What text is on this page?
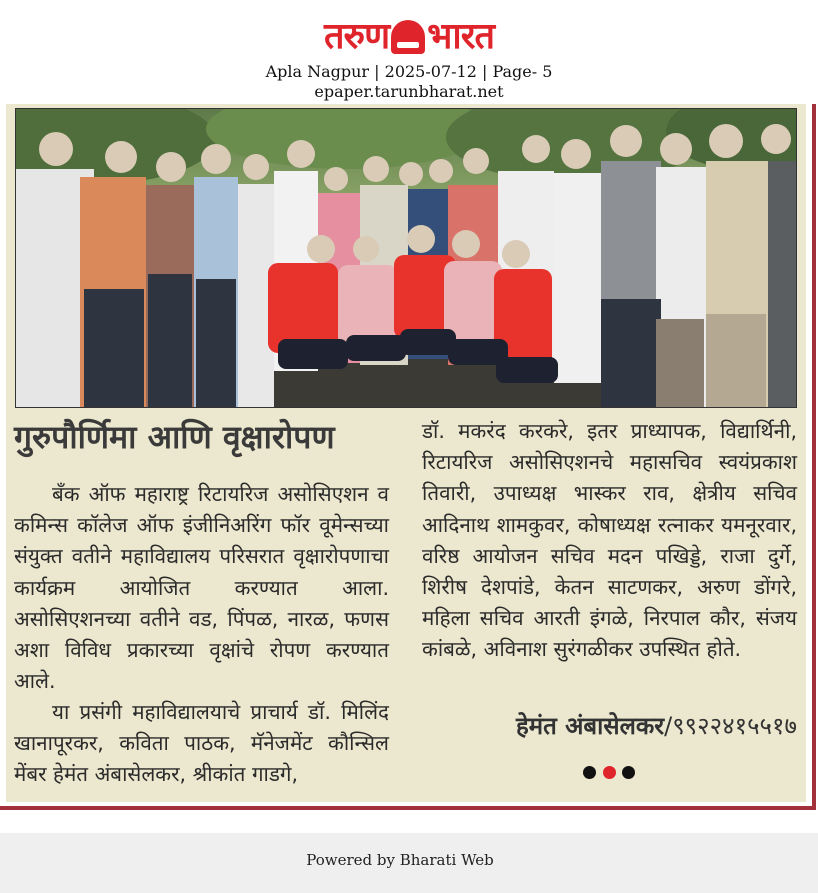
तरुण भारत
Apla Nagpur | 2025-07-12 | Page- 5
epaper.tarunbharat.net
गुरुपौर्णिमा आणि वृक्षारोपण

बँक ऑफ महाराष्ट्र रिटायरिज असोसिएशन व कमिन्स कॉलेज ऑफ इंजीनिअरिंग फॉर वूमेन्सच्या संयुक्त वतीने महाविद्यालय परिसरात वृक्षारोपणाचा कार्यक्रम आयोजित करण्यात आला. असोसिएशनच्या वतीने वड, पिंपळ, नारळ, फणस अशा विविध प्रकारच्या वृक्षांचे रोपण करण्यात आले.

या प्रसंगी महाविद्यालयाचे प्राचार्य डॉ. मिलिंद खानापूरकर, कविता पाठक, मॅनेजमेंट कौन्सिल मेंबर हेमंत अंबासेलकर, श्रीकांत गाडगे,

डॉ. मकरंद करकरे, इतर प्राध्यापक, विद्यार्थिनी, रिटायरिज असोसिएशनचे महासचिव स्वयंप्रकाश तिवारी, उपाध्यक्ष भास्कर राव, क्षेत्रीय सचिव आदिनाथ शामकुवर, कोषाध्यक्ष रत्नाकर यमनूरवार, वरिष्ठ आयोजन सचिव मदन पखिड्डे, राजा दुर्गे, शिरीष देशपांडे, केतन साटणकर, अरुण डोंगरे, महिला सचिव आरती इंगळे, निरपाल कौर, संजय कांबळे, अविनाश सुरंगळीकर उपस्थित होते.

हेमंत अंबासेलकर/९९२२४१५५१७
Powered by Bharati Web
